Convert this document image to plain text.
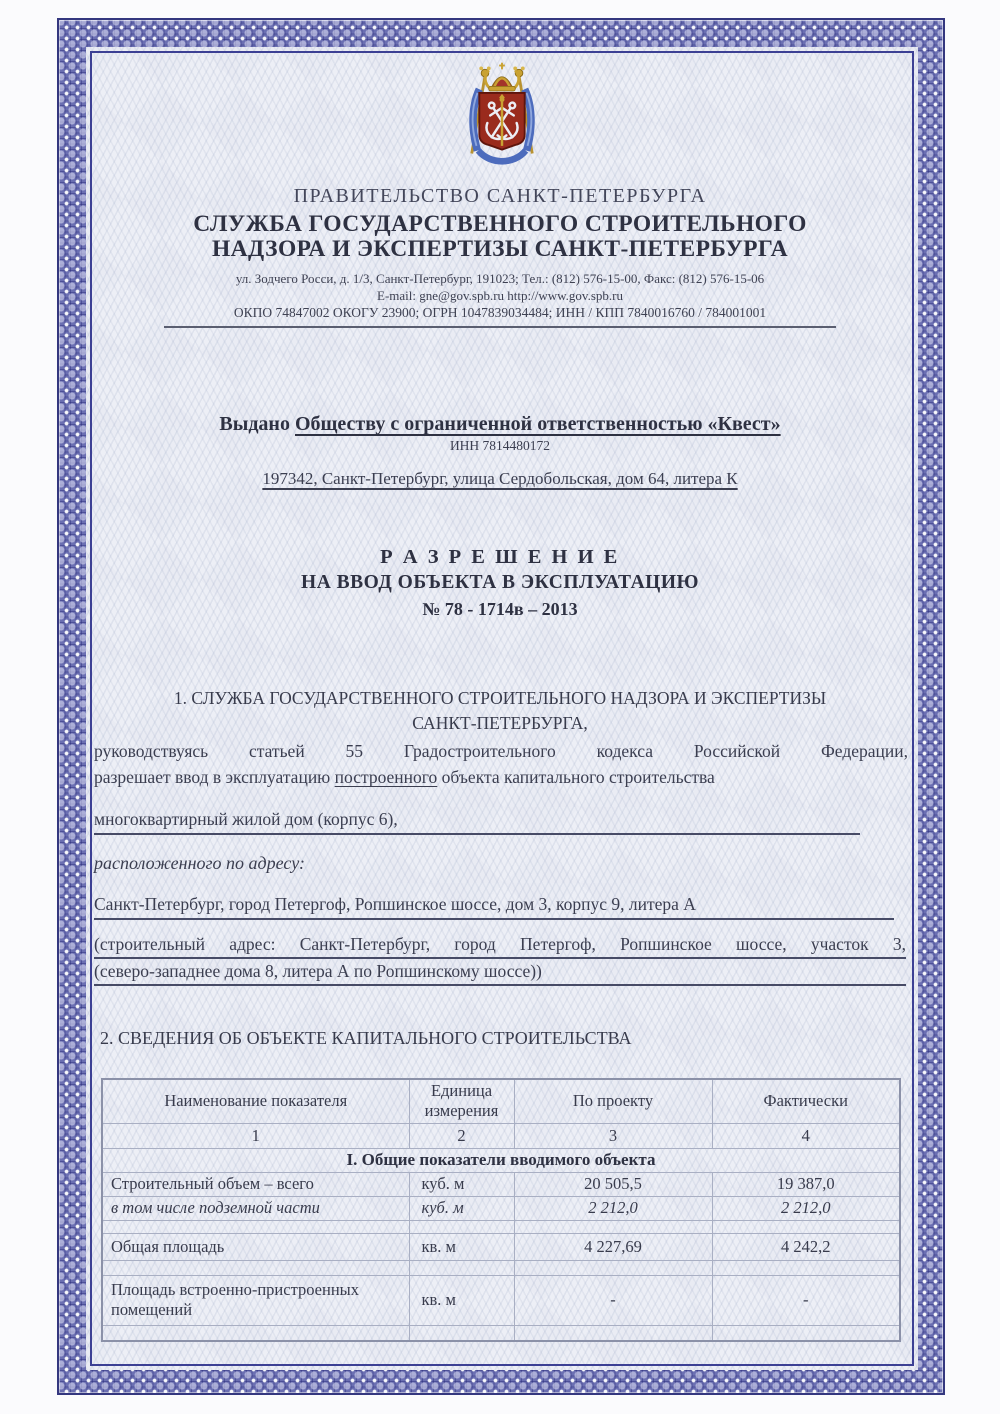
ПРАВИТЕЛЬСТВО САНКТ-ПЕТЕРБУРГА
СЛУЖБА ГОСУДАРСТВЕННОГО СТРОИТЕЛЬНОГО
НАДЗОРА И ЭКСПЕРТИЗЫ САНКТ-ПЕТЕРБУРГА
ул. Зодчего Росси, д. 1/3, Санкт-Петербург, 191023; Тел.: (812) 576-15-00, Факс: (812) 576-15-06
E-mail: gne@gov.spb.ru http://www.gov.spb.ru
ОКПО 74847002 ОКОГУ 23900; ОГРН 1047839034484; ИНН / КПП 7840016760 / 784001001
Выдано Обществу с ограниченной ответственностью «Квест»
ИНН 7814480172
197342, Санкт-Петербург, улица Сердобольская, дом 64, литера К
Р А З Р Е Ш Е Н И Е
НА ВВОД ОБЪЕКТА В ЭКСПЛУАТАЦИЮ
№ 78 - 1714в – 2013
1. СЛУЖБА ГОСУДАРСТВЕННОГО СТРОИТЕЛЬНОГО НАДЗОРА И ЭКСПЕРТИЗЫ
САНКТ-ПЕТЕРБУРГА,
руководствуясь статьей 55 Градостроительного кодекса Российской Федерации,
разрешает ввод в эксплуатацию построенного объекта капитального строительства
многоквартирный жилой дом (корпус 6),
расположенного по адресу:
Санкт-Петербург, город Петергоф, Ропшинское шоссе, дом 3, корпус 9, литера А
(строительный адрес: Санкт-Петербург, город Петергоф, Ропшинское шоссе, участок 3,
(северо-западнее дома 8, литера А по Ропшинскому шоссе))
2. СВЕДЕНИЯ ОБ ОБЪЕКТЕ КАПИТАЛЬНОГО СТРОИТЕЛЬСТВА
Наименование показателя	Единица измерения	По проекту	Фактически
1	2	3	4
I. Общие показатели вводимого объекта			
Строительный объем – всего	куб. м	20 505,5	19 387,0
в том числе подземной части	куб. м	2 212,0	2 212,0

Общая площадь	кв. м	4 227,69	4 242,2

Площадь встроенно-пристроенных помещений	кв. м	-	-
